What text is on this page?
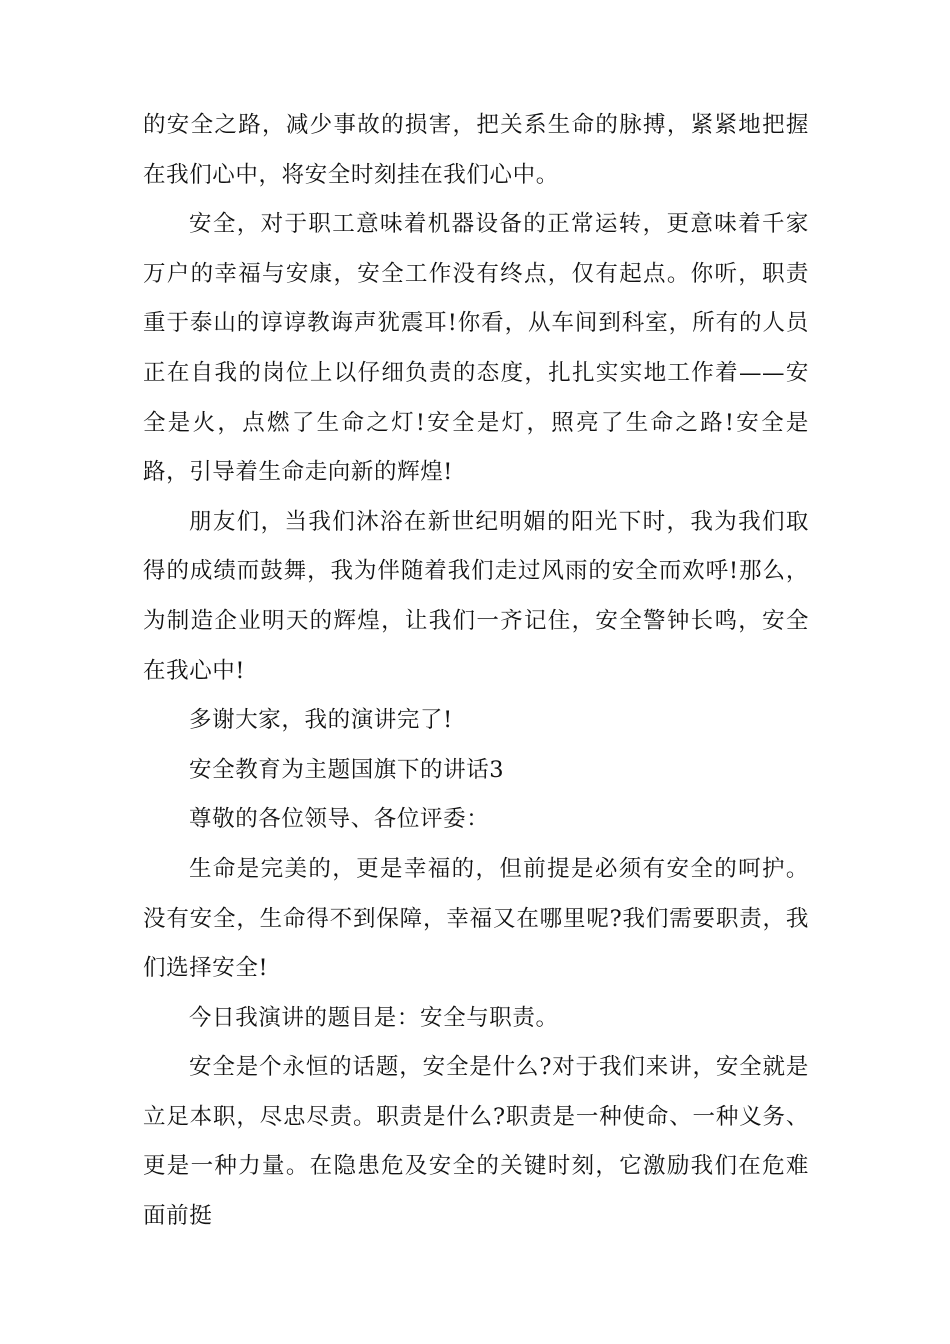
的安全之路，减少事故的损害，把关系生命的脉搏，紧紧地把握在我们心中，将安全时刻挂在我们心中。

安全，对于职工意味着机器设备的正常运转，更意味着千家万户的幸福与安康，安全工作没有终点，仅有起点。你听，职责重于泰山的谆谆教诲声犹震耳!你看，从车间到科室，所有的人员正在自我的岗位上以仔细负责的态度，扎扎实实地工作着——安全是火，点燃了生命之灯!安全是灯，照亮了生命之路!安全是路，引导着生命走向新的辉煌!

朋友们，当我们沐浴在新世纪明媚的阳光下时，我为我们取得的成绩而鼓舞，我为伴随着我们走过风雨的安全而欢呼!那么，为制造企业明天的辉煌，让我们一齐记住，安全警钟长鸣，安全在我心中!

多谢大家，我的演讲完了!

安全教育为主题国旗下的讲话3

尊敬的各位领导、各位评委：

生命是完美的，更是幸福的，但前提是必须有安全的呵护。没有安全，生命得不到保障，幸福又在哪里呢?我们需要职责，我们选择安全!

今日我演讲的题目是：安全与职责。

安全是个永恒的话题，安全是什么?对于我们来讲，安全就是立足本职，尽忠尽责。职责是什么?职责是一种使命、一种义务、更是一种力量。在隐患危及安全的关键时刻，它激励我们在危难面前挺
